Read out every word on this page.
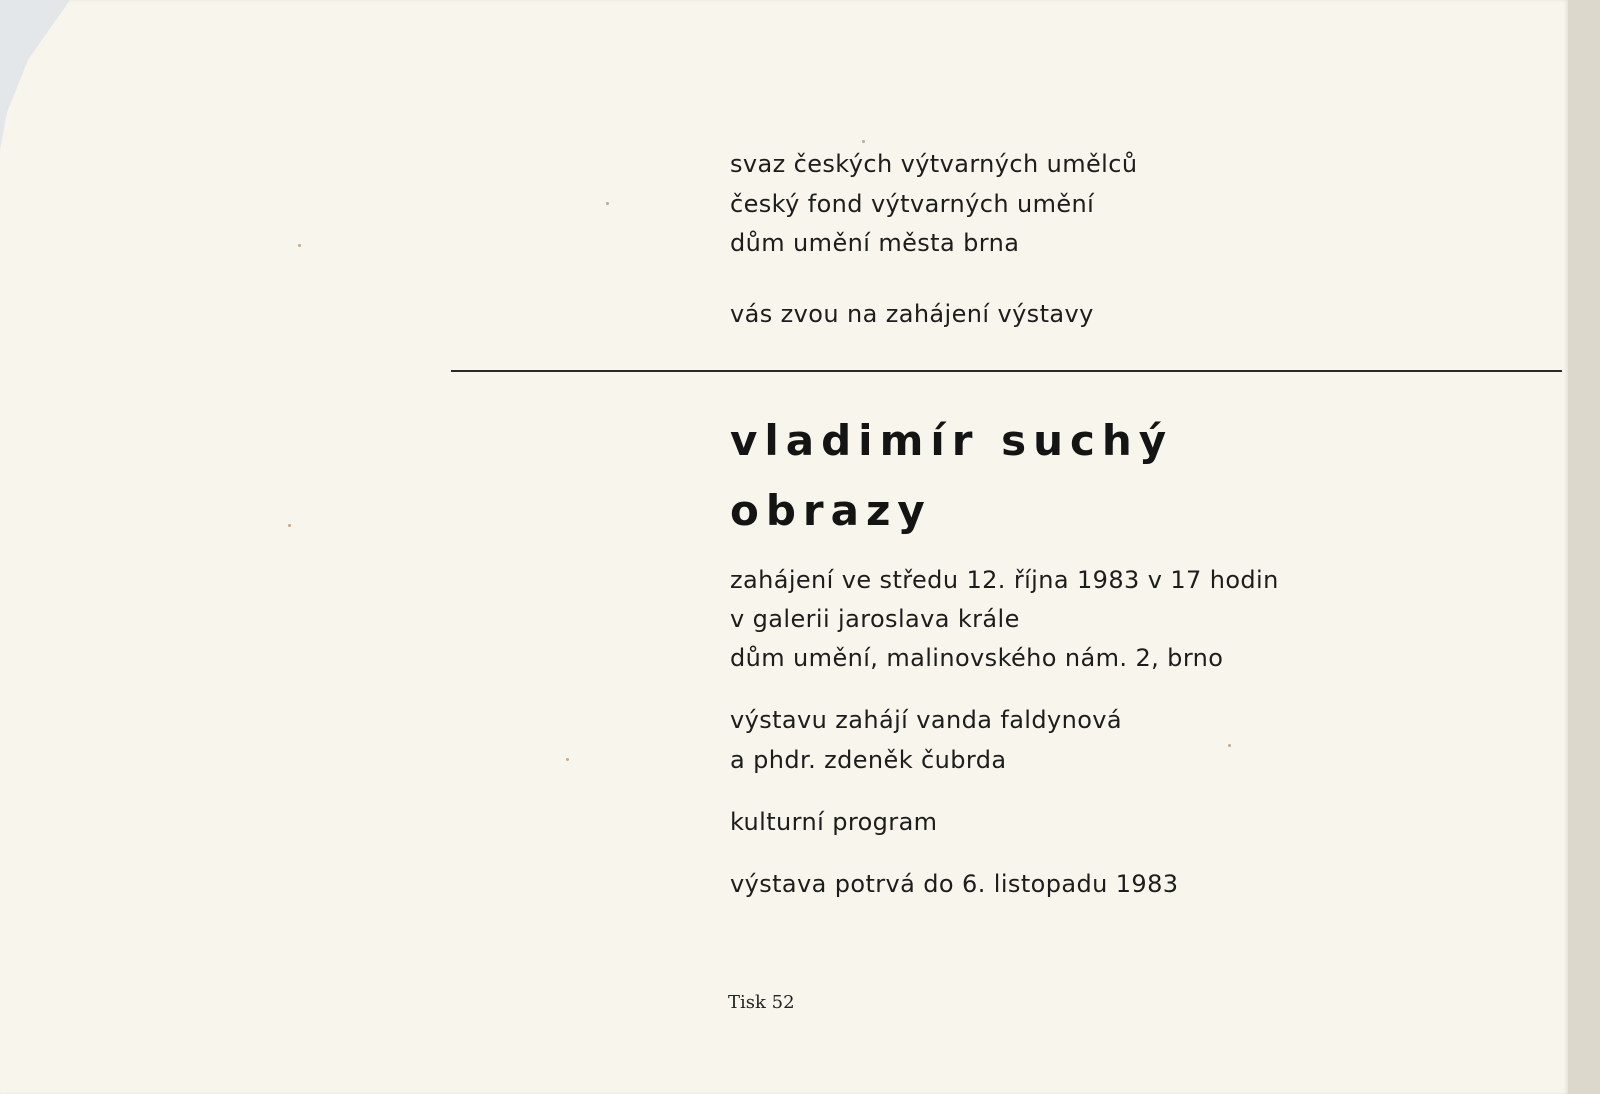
svaz českých výtvarných umělců
český fond výtvarných umění
dům umění města brna
vás zvou na zahájení výstavy
vladimír suchý
obrazy
zahájení ve středu 12. října 1983 v 17 hodin
v galerii jaroslava krále
dům umění, malinovského nám. 2, brno
výstavu zahájí vanda faldynová
a phdr. zdeněk čubrda
kulturní program
výstava potrvá do 6. listopadu 1983
Tisk 52
